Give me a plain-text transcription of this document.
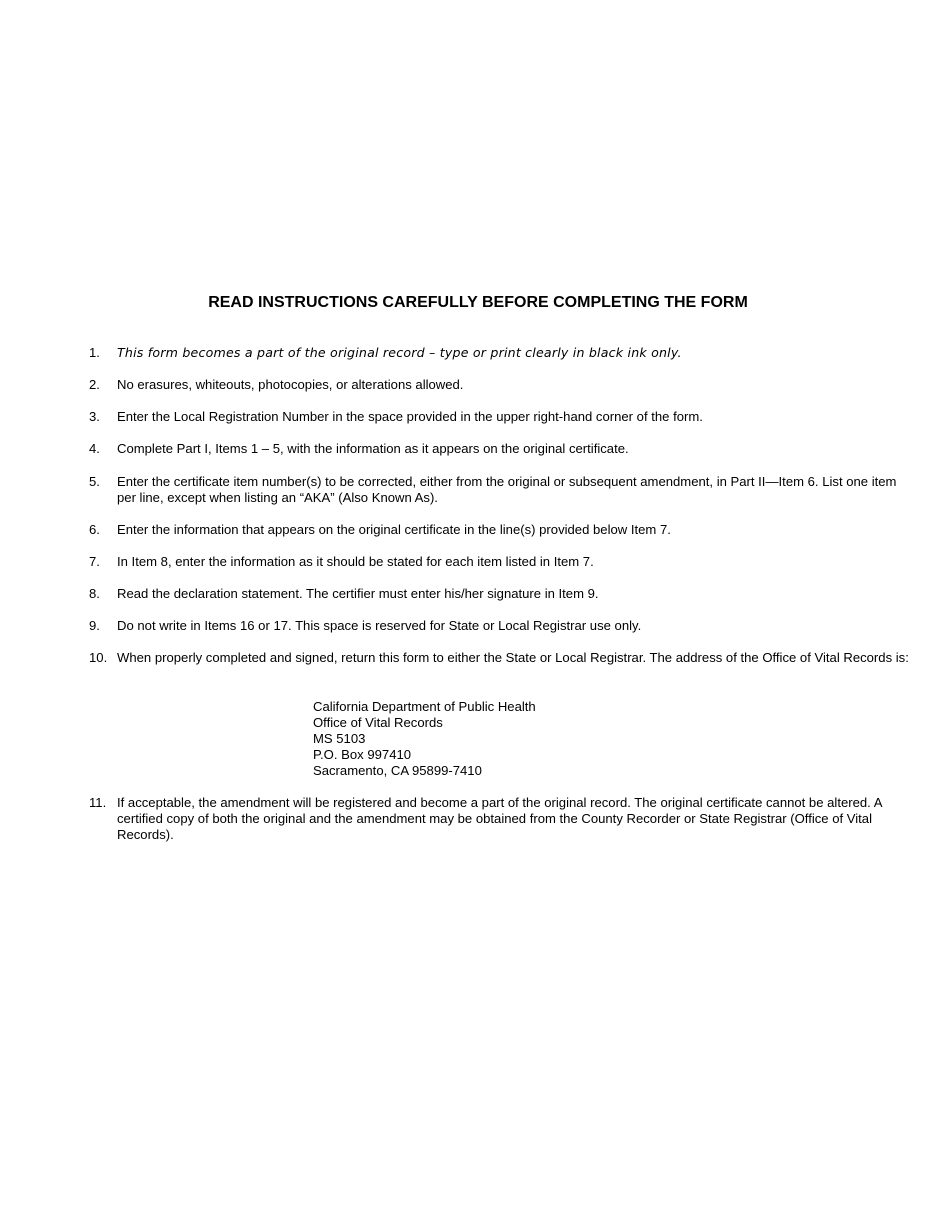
READ INSTRUCTIONS CAREFULLY BEFORE COMPLETING THE FORM
1. This form becomes a part of the original record – type or print clearly in black ink only.
2. No erasures, whiteouts, photocopies, or alterations allowed.
3. Enter the Local Registration Number in the space provided in the upper right-hand corner of the form.
4. Complete Part I, Items 1 – 5, with the information as it appears on the original certificate.
5. Enter the certificate item number(s) to be corrected, either from the original or subsequent amendment, in Part II—Item 6. List one item per line, except when listing an “AKA” (Also Known As).
6. Enter the information that appears on the original certificate in the line(s) provided below Item 7.
7. In Item 8, enter the information as it should be stated for each item listed in Item 7.
8. Read the declaration statement. The certifier must enter his/her signature in Item 9.
9. Do not write in Items 16 or 17. This space is reserved for State or Local Registrar use only.
10. When properly completed and signed, return this form to either the State or Local Registrar. The address of the Office of Vital Records is:
California Department of Public Health
Office of Vital Records
MS 5103
P.O. Box 997410
Sacramento, CA 95899-7410
11. If acceptable, the amendment will be registered and become a part of the original record. The original certificate cannot be altered. A certified copy of both the original and the amendment may be obtained from the County Recorder or State Registrar (Office of Vital Records).
